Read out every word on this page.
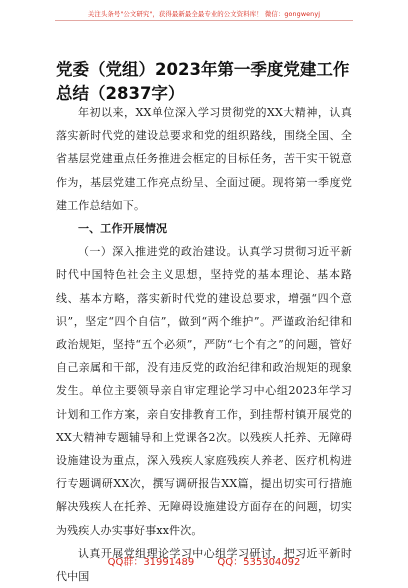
关注头条号"公文研究"，获得最新最全最专业的公文资料库！ 微信：gongwenyj
党委（党组）2023年第一季度党建工作总结（2837字）

年初以来，XX单位深入学习贯彻党的XX大精神，认真落实新时代党的建设总要求和党的组织路线，围绕全国、全省基层党建重点任务推进会框定的目标任务，苦干实干锐意作为，基层党建工作亮点纷呈、全面过硬。现将第一季度党建工作总结如下。

一、工作开展情况

（一）深入推进党的政治建设。认真学习贯彻习近平新时代中国特色社会主义思想，坚持党的基本理论、基本路线、基本方略，落实新时代党的建设总要求，增强“四个意识”，坚定“四个自信”，做到“两个维护”。严谨政治纪律和政治规矩，坚持“五个必须”，严防“七个有之”的问题，管好自己亲属和干部，没有违反党的政治纪律和政治规矩的现象发生。单位主要领导亲自审定理论学习中心组2023年学习计划和工作方案，亲自安排教育工作，到挂帮村镇开展党的XX大精神专题辅导和上党课各2次。以残疾人托养、无障碍设施建设为重点，深入残疾人家庭残疾人养老、医疗机构进行专题调研XX次，撰写调研报告XX篇，提出切实可行措施解决残疾人在托养、无障碍设施建设方面存在的问题，切实为残疾人办实事好事xx件次。

认真开展党组理论学习中心组学习研讨，把习近平新时代中国

QQ群：31991489 QQ：535304092
